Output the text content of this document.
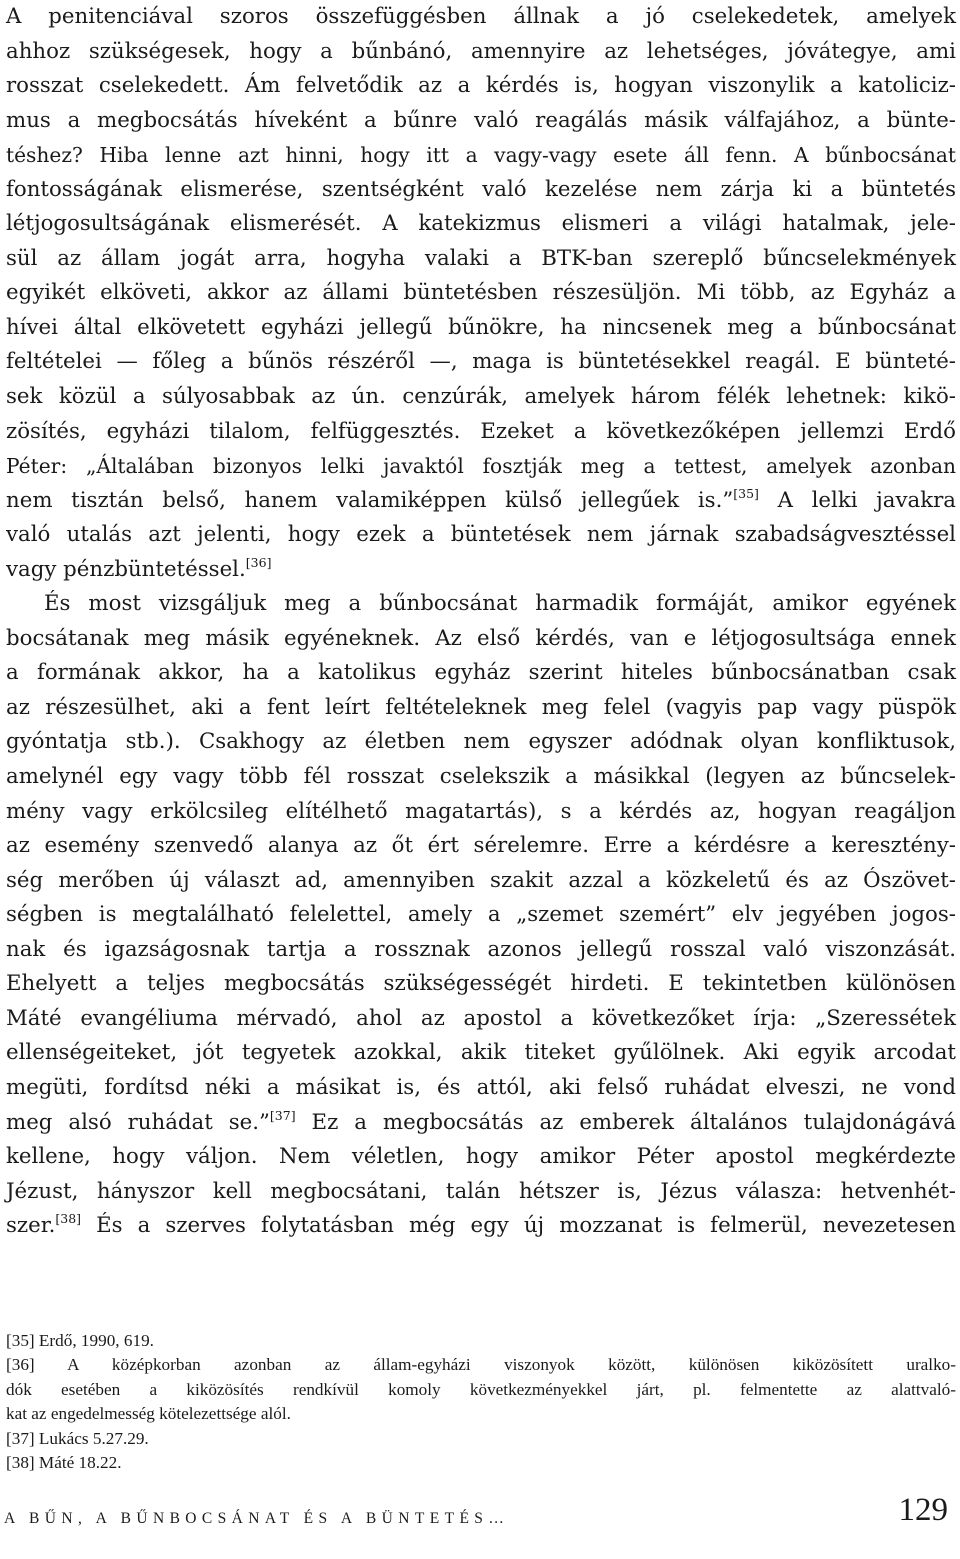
A penitenciával szoros összefüggésben állnak a jó cselekedetek, amelyek
ahhoz szükségesek, hogy a bűnbánó, amennyire az lehetséges, jóvátegye, ami
rosszat cselekedett. Ám felvetődik az a kérdés is, hogyan viszonylik a katoliciz-
mus a megbocsátás híveként a bűnre való reagálás másik válfajához, a bünte-
téshez? Hiba lenne azt hinni, hogy itt a vagy-vagy esete áll fenn. A bűnbocsánat
fontosságának elismerése, szentségként való kezelése nem zárja ki a büntetés
létjogosultságának elismerését. A katekizmus elismeri a világi hatalmak, jele-
sül az állam jogát arra, hogyha valaki a BTK-ban szereplő bűncselekmények
egyikét elköveti, akkor az állami büntetésben részesüljön. Mi több, az Egyház a
hívei által elkövetett egyházi jellegű bűnökre, ha nincsenek meg a bűnbocsánat
feltételei — főleg a bűnös részéről —, maga is büntetésekkel reagál. E bünteté-
sek közül a súlyosabbak az ún. cenzúrák, amelyek három félék lehetnek: kikö-
zösítés, egyházi tilalom, felfüggesztés. Ezeket a következőképen jellemzi Erdő
Péter: „Általában bizonyos lelki javaktól fosztják meg a tettest, amelyek azonban
nem tisztán belső, hanem valamiképpen külső jellegűek is.”[35] A lelki javakra
való utalás azt jelenti, hogy ezek a büntetések nem járnak szabadságvesztéssel
vagy pénzbüntetéssel.[36]
És most vizsgáljuk meg a bűnbocsánat harmadik formáját, amikor egyének
bocsátanak meg másik egyéneknek. Az első kérdés, van e létjogosultsága ennek
a formának akkor, ha a katolikus egyház szerint hiteles bűnbocsánatban csak
az részesülhet, aki a fent leírt feltételeknek meg felel (vagyis pap vagy püspök
gyóntatja stb.). Csakhogy az életben nem egyszer adódnak olyan konfliktusok,
amelynél egy vagy több fél rosszat cselekszik a másikkal (legyen az bűncselek-
mény vagy erkölcsileg elítélhető magatartás), s a kérdés az, hogyan reagáljon
az esemény szenvedő alanya az őt ért sérelemre. Erre a kérdésre a keresztény-
ség merőben új választ ad, amennyiben szakit azzal a közkeletű és az Ószövet-
ségben is megtalálható felelettel, amely a „szemet szemért” elv jegyében jogos-
nak és igazságosnak tartja a rossznak azonos jellegű rosszal való viszonzását.
Ehelyett a teljes megbocsátás szükségességét hirdeti. E tekintetben különösen
Máté evangéliuma mérvadó, ahol az apostol a következőket írja: „Szeressétek
ellenségeiteket, jót tegyetek azokkal, akik titeket gyűlölnek. Aki egyik arcodat
megüti, fordítsd néki a másikat is, és attól, aki felső ruhádat elveszi, ne vond
meg alsó ruhádat se.”[37] Ez a megbocsátás az emberek általános tulajdonágává
kellene, hogy váljon. Nem véletlen, hogy amikor Péter apostol megkérdezte
Jézust, hányszor kell megbocsátani, talán hétszer is, Jézus válasza: hetvenhét-
szer.[38] És a szerves folytatásban még egy új mozzanat is felmerül, nevezetesen
[35] Erdő, 1990, 619.
[36] A középkorban azonban az állam-egyházi viszonyok között, különösen kiközösített uralko-
dók esetében a kiközösítés rendkívül komoly következményekkel járt, pl. felmentette az alattvaló-
kat az engedelmesség kötelezettsége alól.
[37] Lukács 5.27.29.
[38] Máté 18.22.
A BŰN, A BŰNBOCSÁNAT ÉS A BÜNTETÉS…	129
